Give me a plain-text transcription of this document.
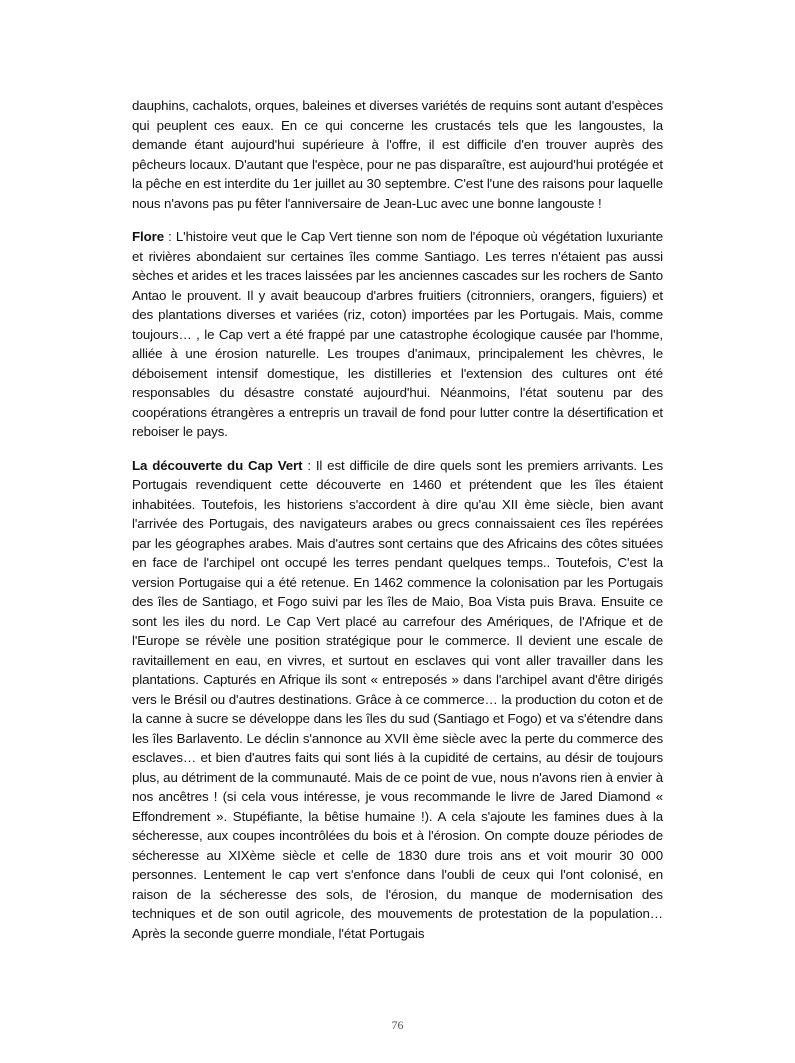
dauphins, cachalots, orques, baleines et diverses variétés de requins sont autant d'espèces qui peuplent ces eaux. En ce qui concerne les crustacés tels que les langoustes, la demande étant aujourd'hui supérieure à l'offre, il est difficile d'en trouver auprès des pêcheurs locaux. D'autant que l'espèce, pour ne pas disparaître, est aujourd'hui protégée et la pêche en est interdite du 1er juillet au 30 septembre. C'est l'une des raisons pour laquelle nous n'avons pas pu fêter l'anniversaire de Jean-Luc avec une bonne langouste !

Flore : L'histoire veut que le Cap Vert tienne son nom de l'époque où végétation luxuriante et rivières abondaient sur certaines îles comme Santiago. Les terres n'étaient pas aussi sèches et arides et les traces laissées par les anciennes cascades sur les rochers de Santo Antao le prouvent. Il y avait beaucoup d'arbres fruitiers (citronniers, orangers, figuiers) et des plantations diverses et variées (riz, coton) importées par les Portugais. Mais, comme toujours… , le Cap vert a été frappé par une catastrophe écologique causée par l'homme, alliée à une érosion naturelle. Les troupes d'animaux, principalement les chèvres, le déboisement intensif domestique, les distilleries et l'extension des cultures ont été responsables du désastre constaté aujourd'hui. Néanmoins, l'état soutenu par des coopérations étrangères a entrepris un travail de fond pour lutter contre la désertification et reboiser le pays.

La découverte du Cap Vert : Il est difficile de dire quels sont les premiers arrivants. Les Portugais revendiquent cette découverte en 1460 et prétendent que les îles étaient inhabitées. Toutefois, les historiens s'accordent à dire qu'au XII ème siècle, bien avant l'arrivée des Portugais, des navigateurs arabes ou grecs connaissaient ces îles repérées par les géographes arabes. Mais d'autres sont certains que des Africains des côtes situées en face de l'archipel ont occupé les terres pendant quelques temps.. Toutefois, C'est la version Portugaise qui a été retenue. En 1462 commence la colonisation par les Portugais des îles de Santiago, et Fogo suivi par les îles de Maio, Boa Vista puis Brava. Ensuite ce sont les iles du nord. Le Cap Vert placé au carrefour des Amériques, de l'Afrique et de l'Europe se révèle une position stratégique pour le commerce. Il devient une escale de ravitaillement en eau, en vivres, et surtout en esclaves qui vont aller travailler dans les plantations. Capturés en Afrique ils sont « entreposés » dans l'archipel avant d'être dirigés vers le Brésil ou d'autres destinations. Grâce à ce commerce… la production du coton et de la canne à sucre se développe dans les îles du sud (Santiago et Fogo) et va s'étendre dans les îles Barlavento. Le déclin s'annonce au XVII ème siècle avec la perte du commerce des esclaves… et bien d'autres faits qui sont liés à la cupidité de certains, au désir de toujours plus, au détriment de la communauté. Mais de ce point de vue, nous n'avons rien à envier à nos ancêtres ! (si cela vous intéresse, je vous recommande le livre de Jared Diamond « Effondrement ». Stupéfiante, la bêtise humaine !). A cela s'ajoute les famines dues à la sécheresse, aux coupes incontrôlées du bois et à l'érosion. On compte douze périodes de sécheresse au XIXème siècle et celle de 1830 dure trois ans et voit mourir 30 000 personnes. Lentement le cap vert s'enfonce dans l'oubli de ceux qui l'ont colonisé, en raison de la sécheresse des sols, de l'érosion, du manque de modernisation des techniques et de son outil agricole, des mouvements de protestation de la population… Après la seconde guerre mondiale, l'état Portugais

76
